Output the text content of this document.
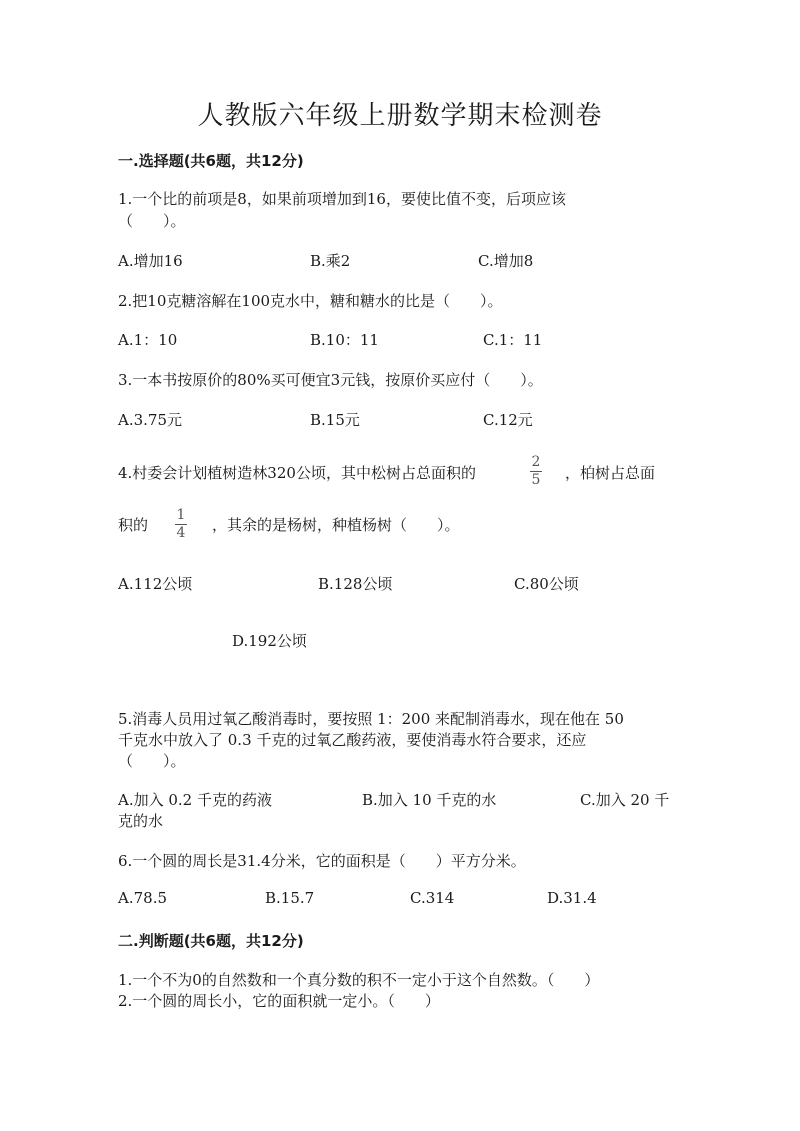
人教版六年级上册数学期末检测卷
一.选择题(共6题，共12分)
1.一个比的前项是8，如果前项增加到16，要使比值不变，后项应该
（　　）。
A.增加16	B.乘2	C.增加8
2.把10克糖溶解在100克水中，糖和糖水的比是（　　）。
A.1：10	B.10：11	C.1：11
3.一本书按原价的80%买可便宜3元钱，按原价买应付（　　）。
A.3.75元	B.15元	C.12元
4.村委会计划植树造林320公顷，其中松树占总面积的
2
5 ，柏树占总面
积的
1
4 ，其余的是杨树，种植杨树（　　）。
A.112公顷	B.128公顷	C.80公顷
D.192公顷
5.消毒人员用过氧乙酸消毒时，要按照 1：200 来配制消毒水，现在他在 50
千克水中放入了 0.3 千克的过氧乙酸药液，要使消毒水符合要求，还应
（　　）。
A.加入 0.2 千克的药液	B.加入 10 千克的水	C.加入 20 千
克的水
6.一个圆的周长是31.4分米，它的面积是（　　）平方分米。
A.78.5	B.15.7	C.314	D.31.4
二.判断题(共6题，共12分)
1.一个不为0的自然数和一个真分数的积不一定小于这个自然数。（　　）
2.一个圆的周长小，它的面积就一定小。（　　）
